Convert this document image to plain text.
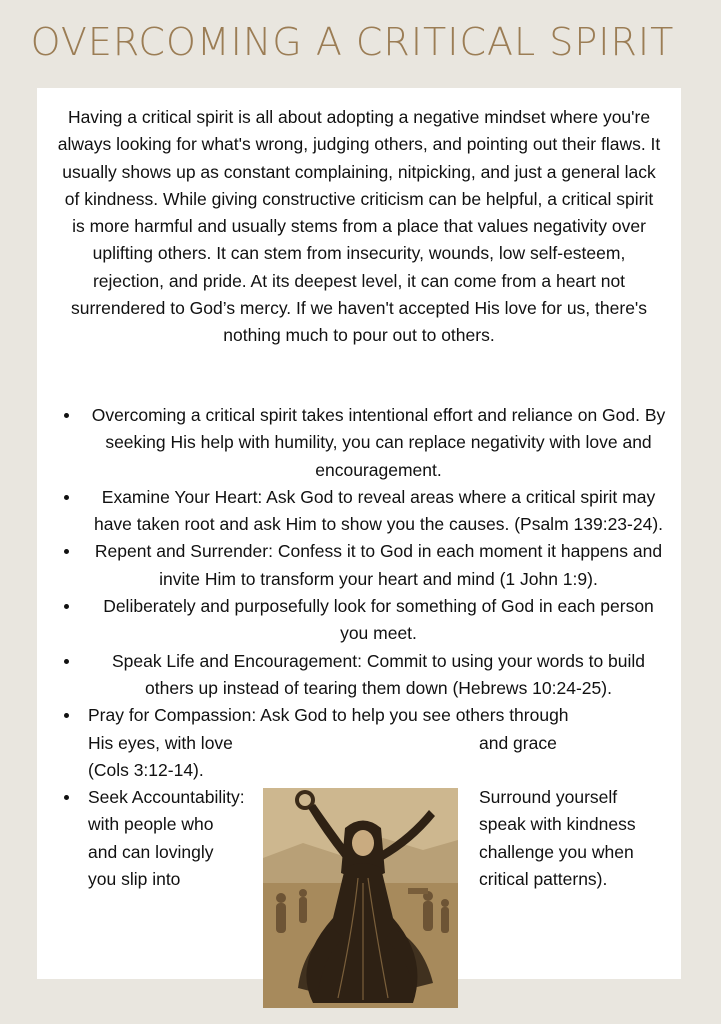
OVERCOMING A CRITICAL SPIRIT
Having a critical spirit is all about adopting a negative mindset where you're always looking for what's wrong, judging others, and pointing out their flaws. It usually shows up as constant complaining, nitpicking, and just a general lack of kindness. While giving constructive criticism can be helpful, a critical spirit is more harmful and usually stems from a place that values negativity over uplifting others. It can stem from insecurity, wounds, low self-esteem, rejection, and pride. At its deepest level, it can come from a heart not surrendered to God’s mercy. If we haven't accepted His love for us, there's nothing much to pour out to others.
Overcoming a critical spirit takes intentional effort and reliance on God. By seeking His help with humility, you can replace negativity with love and encouragement.
Examine Your Heart: Ask God to reveal areas where a critical spirit may have taken root and ask Him to show you the causes. (Psalm 139:23-24).
Repent and Surrender: Confess it to God in each moment it happens and invite Him to transform your heart and mind (1 John 1:9).
Deliberately and purposefully look for something of God in each person you meet.
Speak Life and Encouragement: Commit to using your words to build others up instead of tearing them down (Hebrews 10:24-25).
Pray for Compassion: Ask God to help you see others through
His eyes, with love	and grace
(Cols 3:12-14).
Seek Accountability:	Surround yourself
with people who	speak with kindness
and can lovingly	challenge you when
you slip into	critical patterns).
